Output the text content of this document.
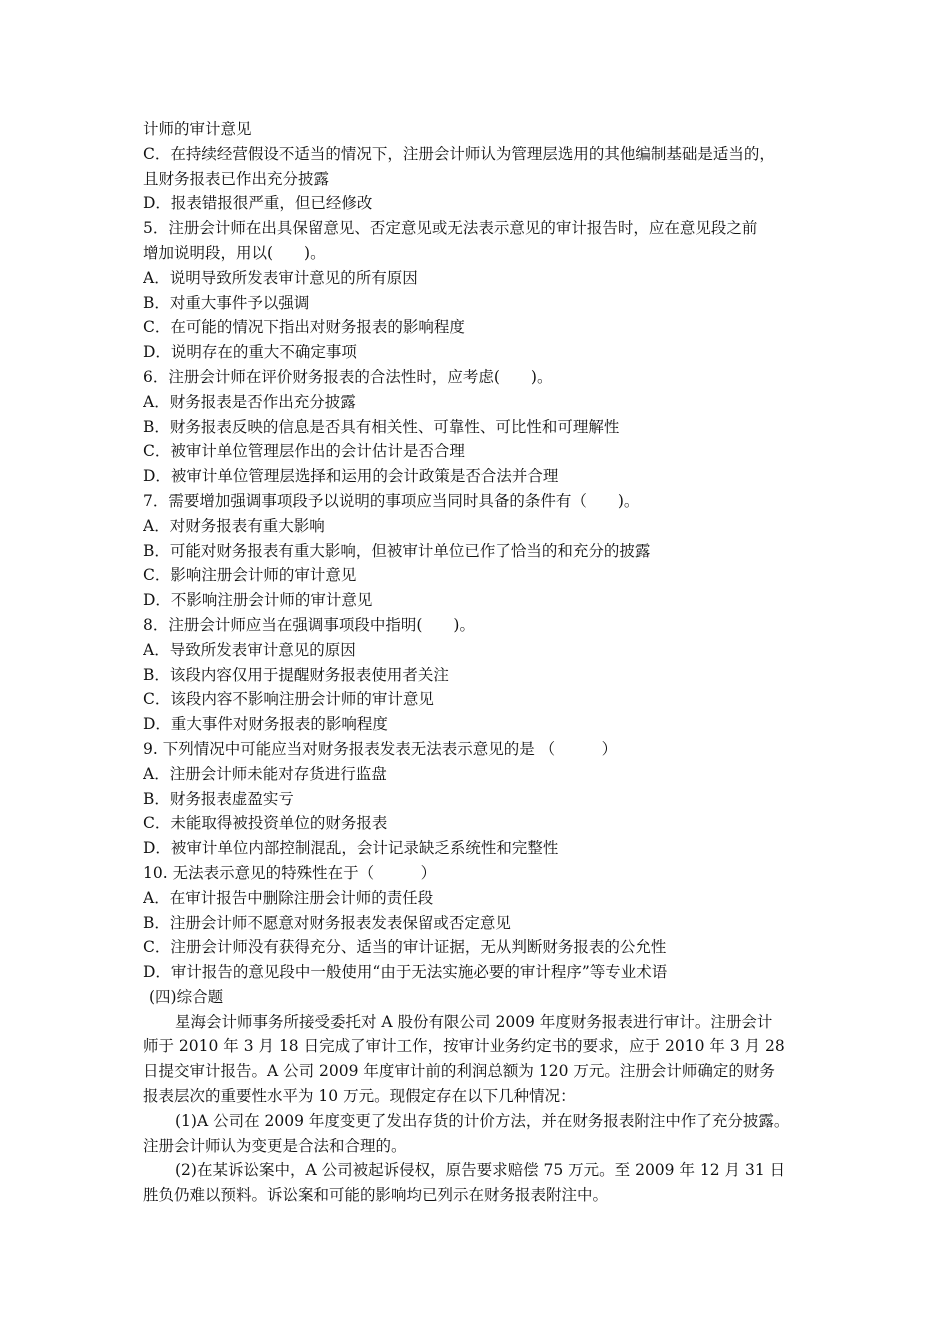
计师的审计意见
C．在持续经营假设不适当的情况下，注册会计师认为管理层选用的其他编制基础是适当的，
且财务报表已作出充分披露
D．报表错报很严重，但已经修改
5．注册会计师在出具保留意见、否定意见或无法表示意见的审计报告时，应在意见段之前
增加说明段，用以(　　)。
A．说明导致所发表审计意见的所有原因
B．对重大事件予以强调
C．在可能的情况下指出对财务报表的影响程度
D．说明存在的重大不确定事项
6．注册会计师在评价财务报表的合法性时，应考虑(　　)。
A．财务报表是否作出充分披露
B．财务报表反映的信息是否具有相关性、可靠性、可比性和可理解性
C．被审计单位管理层作出的会计估计是否合理
D．被审计单位管理层选择和运用的会计政策是否合法并合理
7．需要增加强调事项段予以说明的事项应当同时具备的条件有（　　)。
A．对财务报表有重大影响
B．可能对财务报表有重大影响，但被审计单位已作了恰当的和充分的披露
C．影响注册会计师的审计意见
D．不影响注册会计师的审计意见
8．注册会计师应当在强调事项段中指明(　　)。
A．导致所发表审计意见的原因
B．该段内容仅用于提醒财务报表使用者关注
C．该段内容不影响注册会计师的审计意见
D．重大事件对财务报表的影响程度
9. 下列情况中可能应当对财务报表发表无法表示意见的是 （　　　）
A．注册会计师未能对存货进行监盘
B．财务报表虚盈实亏
C．未能取得被投资单位的财务报表
D．被审计单位内部控制混乱，会计记录缺乏系统性和完整性
10. 无法表示意见的特殊性在于（　　　）
A．在审计报告中删除注册会计师的责任段
B．注册会计师不愿意对财务报表发表保留或否定意见
C．注册会计师没有获得充分、适当的审计证据，无从判断财务报表的公允性
D．审计报告的意见段中一般使用“由于无法实施必要的审计程序”等专业术语
(四)综合题
星海会计师事务所接受委托对 A 股份有限公司 2009 年度财务报表进行审计。注册会计
师于 2010 年 3 月 18 日完成了审计工作，按审计业务约定书的要求，应于 2010 年 3 月 28
日提交审计报告。A 公司 2009 年度审计前的利润总额为 120 万元。注册会计师确定的财务
报表层次的重要性水平为 10 万元。现假定存在以下几种情况：
(1)A 公司在 2009 年度变更了发出存货的计价方法，并在财务报表附注中作了充分披露。
注册会计师认为变更是合法和合理的。
(2)在某诉讼案中，A 公司被起诉侵权，原告要求赔偿 75 万元。至 2009 年 12 月 31 日
胜负仍难以预料。诉讼案和可能的影响均已列示在财务报表附注中。
